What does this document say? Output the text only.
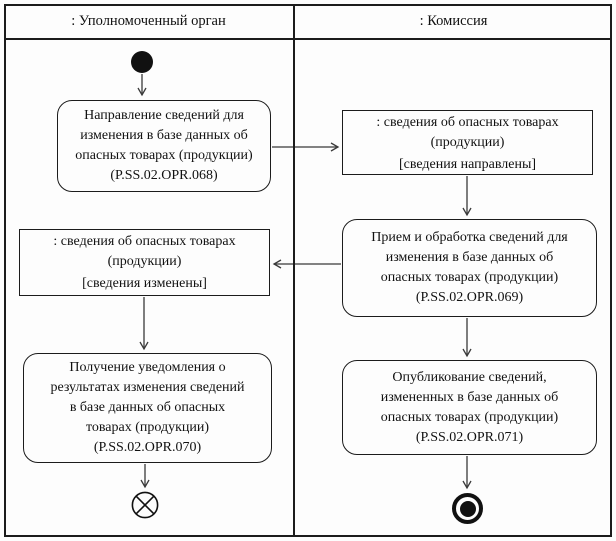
: Уполномоченный орган	: Комиссия
Направление сведений для
изменения в базе данных об
опасных товарах (продукции)
(P.SS.02.OPR.068)
: сведения об опасных товарах
(продукции)
[сведения направлены]
Прием и обработка сведений для
изменения в базе данных об
опасных товарах (продукции)
(P.SS.02.OPR.069)
: сведения об опасных товарах
(продукции)
[сведения изменены]
Получение уведомления о
результатах изменения сведений
в базе данных об опасных
товарах (продукции)
(P.SS.02.OPR.070)
Опубликование сведений,
измененных в базе данных об
опасных товарах (продукции)
(P.SS.02.OPR.071)
